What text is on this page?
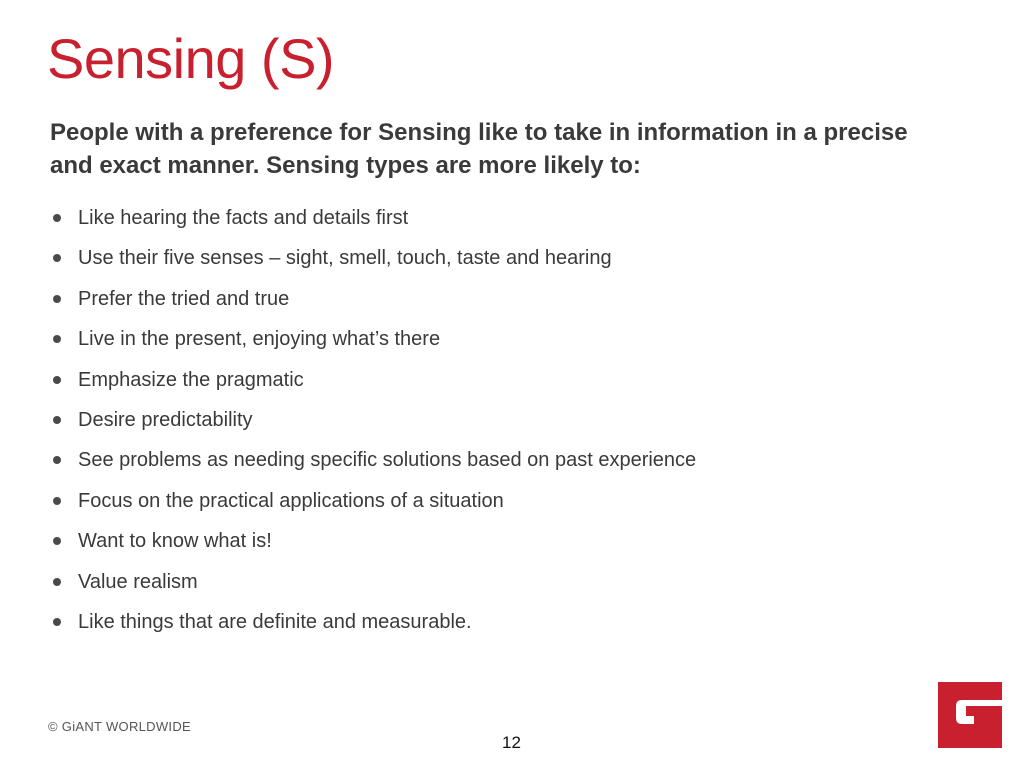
Sensing (S)

People with a preference for Sensing like to take in information in a precise and exact manner. Sensing types are more likely to:

Like hearing the facts and details first
Use their five senses – sight, smell, touch, taste and hearing
Prefer the tried and true
Live in the present, enjoying what’s there
Emphasize the pragmatic
Desire predictability
See problems as needing specific solutions based on past experience
Focus on the practical applications of a situation
Want to know what is!
Value realism
Like things that are definite and measurable.
© GiANT WORLDWIDE
12
